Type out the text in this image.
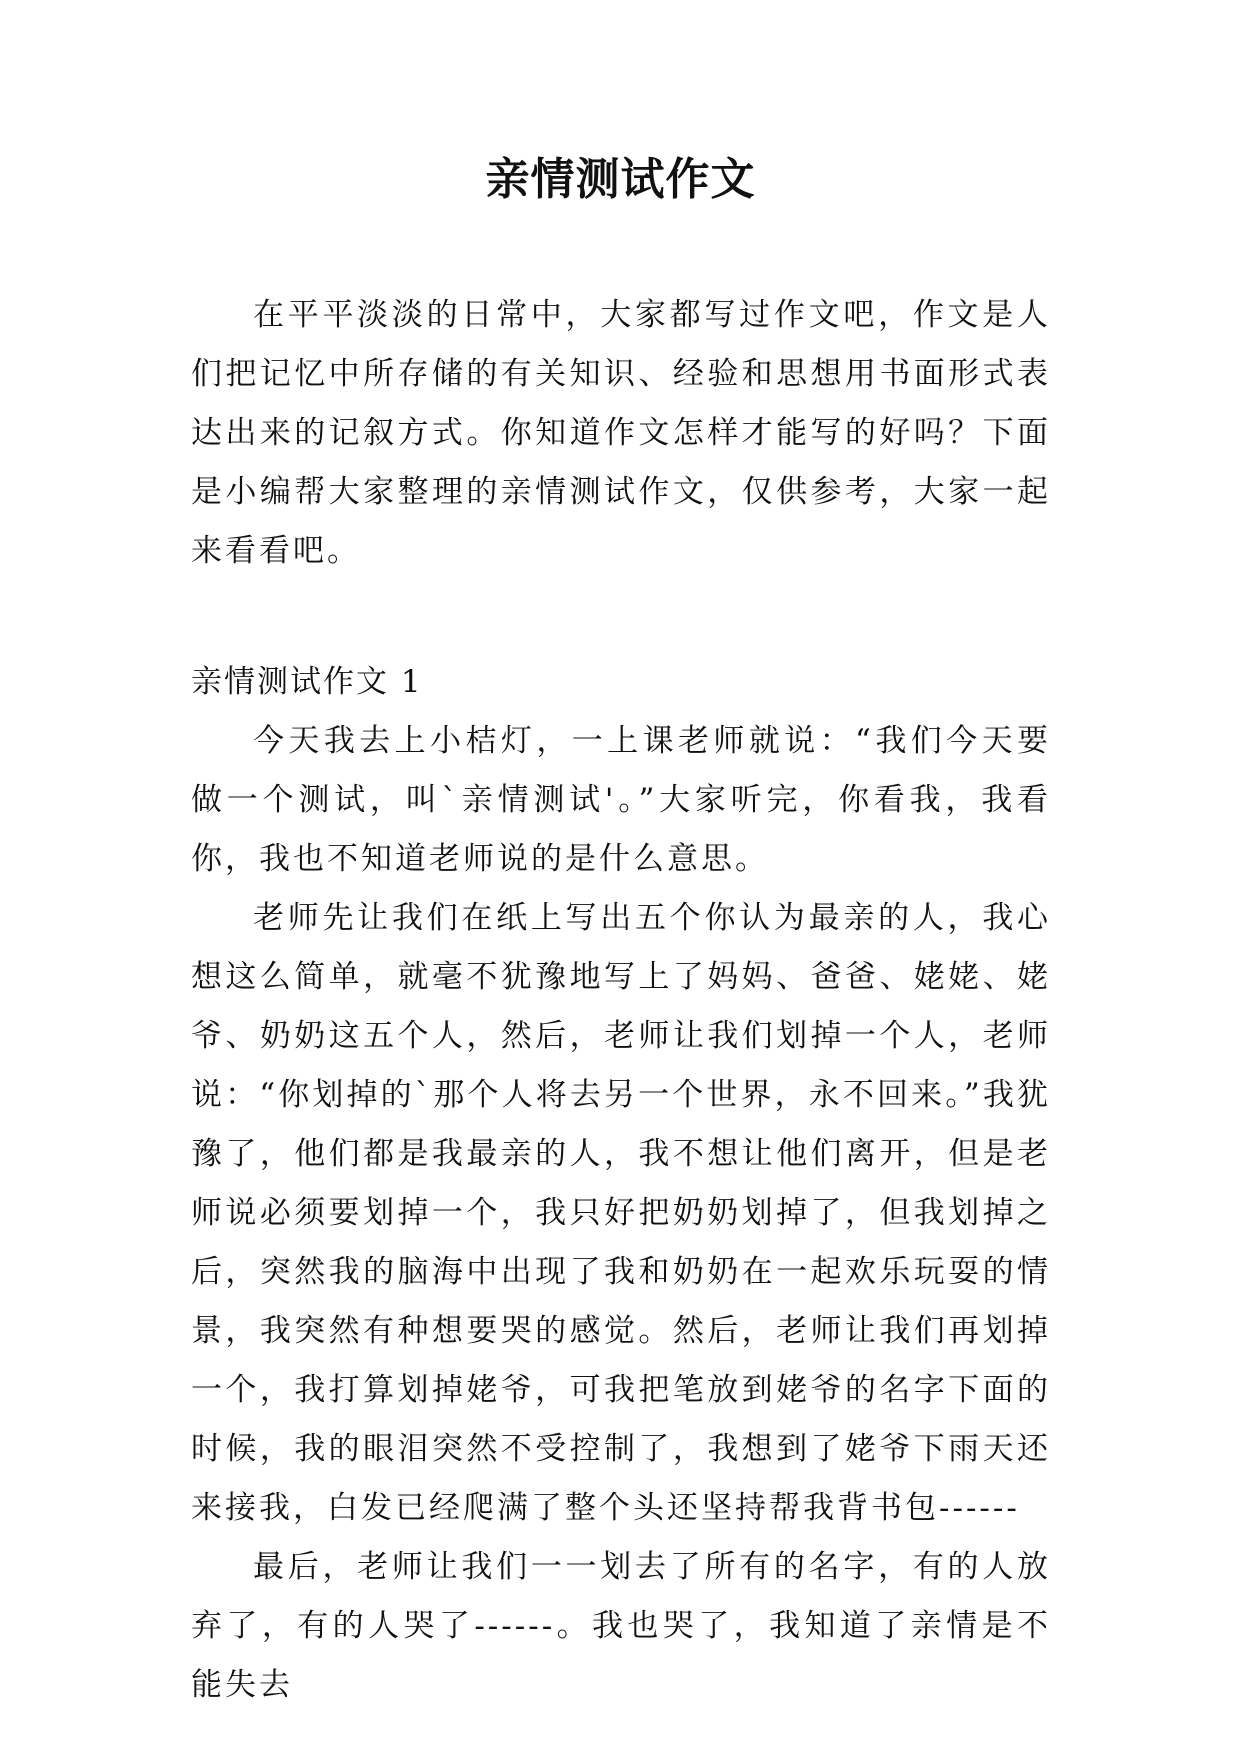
亲情测试作文

在平平淡淡的日常中，大家都写过作文吧，作文是人们把记忆中所存储的有关知识、经验和思想用书面形式表达出来的记叙方式。你知道作文怎样才能写的好吗？下面是小编帮大家整理的亲情测试作文，仅供参考，大家一起来看看吧。

亲情测试作文 1

今天我去上小桔灯，一上课老师就说：“我们今天要做一个测试，叫`亲情测试'。”大家听完，你看我，我看你，我也不知道老师说的是什么意思。

老师先让我们在纸上写出五个你认为最亲的人，我心想这么简单，就毫不犹豫地写上了妈妈、爸爸、姥姥、姥爷、奶奶这五个人，然后，老师让我们划掉一个人，老师说：“你划掉的`那个人将去另一个世界，永不回来。”我犹豫了，他们都是我最亲的人，我不想让他们离开，但是老师说必须要划掉一个，我只好把奶奶划掉了，但我划掉之后，突然我的脑海中出现了我和奶奶在一起欢乐玩耍的情景，我突然有种想要哭的感觉。然后，老师让我们再划掉一个，我打算划掉姥爷，可我把笔放到姥爷的名字下面的时候，我的眼泪突然不受控制了，我想到了姥爷下雨天还来接我，白发已经爬满了整个头还坚持帮我背书包------

最后，老师让我们一一划去了所有的名字，有的人放弃了，有的人哭了------。我也哭了，我知道了亲情是不能失去
